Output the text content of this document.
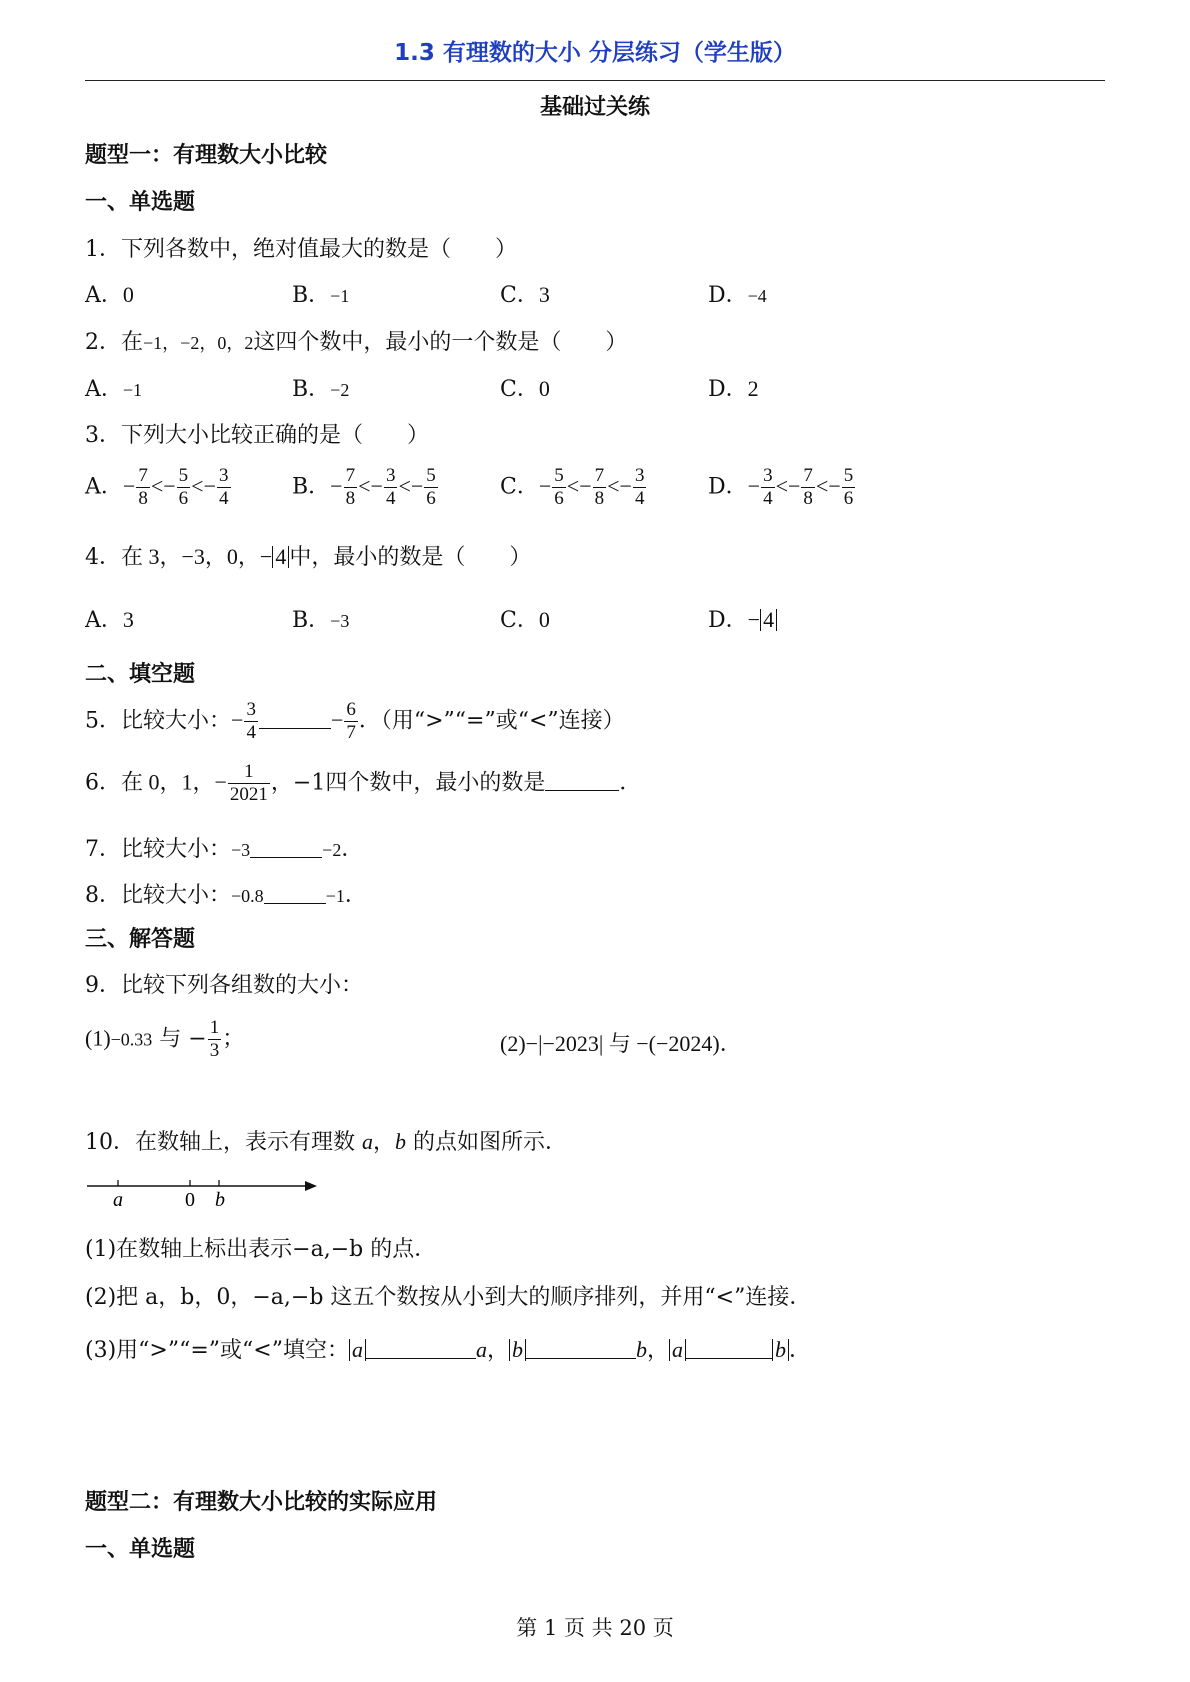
1.3 有理数的大小 分层练习（学生版）
基础过关练
题型一：有理数大小比较
一、单选题
1．下列各数中，绝对值最大的数是（　　）
A．0	B．−1	C．3	D．−4
2．在−1，−2，0，2这四个数中，最小的一个数是（　　）
A．−1	B．−2	C．0	D．2
3．下列大小比较正确的是（　　）
A．− $\frac{7}{8} <- \frac{5}{6} <- \frac{3}{4}$	B．− $\frac{7}{8} <- \frac{3}{4} <- \frac{5}{6}$	C．− $\frac{5}{6} <- \frac{7}{8} <- \frac{3}{4}$	D．− $\frac{3}{4} <- \frac{7}{8} <- \frac{5}{6}$
4．在 3，−3，0，− 4 中，最小的数是（　　）
A．3	B．−3	C．0	D．− 4
二、填空题
5．比较大小：− $\frac{3}{4}$	− $\frac{6}{7}$ ．（用“>”“=”或“<”连接）
6．在 0，1，− $\frac{1}{2021}$ ，−1四个数中，最小的数是	．
7．比较大小：−3	−2．
8．比较大小：−0.8	−1．
三、解答题
9．比较下列各组数的大小：
(1)−0.33 与 − $\frac{1}{3}$ ；	(2)−|−2023| 与 −(−2024)．
10．在数轴上，表示有理数 a，b 的点如图所示．
a	0 b
(1)在数轴上标出表示−a,−b 的点．
(2)把 a，b，0，−a,−b 这五个数按从小到大的顺序排列，并用“<”连接．
(3)用“>”“=”或“<”填空： a	a， b	b， a	b ．
题型二：有理数大小比较的实际应用
一、单选题
第 1 页 共 20 页
